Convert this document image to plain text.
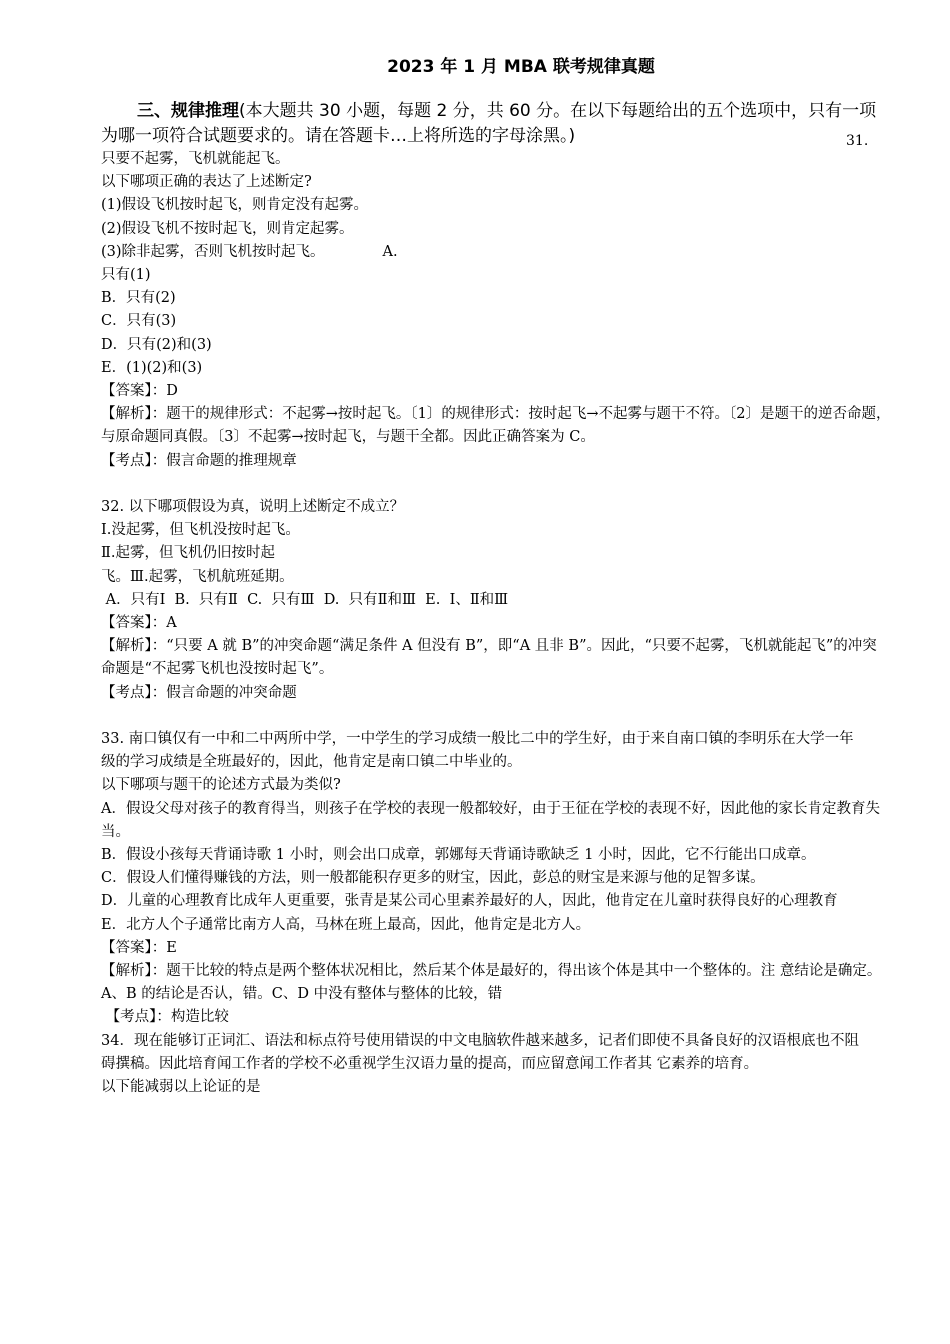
2023 年 1 月 MBA 联考规律真题
三、规律推理(本大题共 30 小题，每题 2 分，共 60 分。在以下每题给出的五个选项中，只有一项为哪一项符合试题要求的。请在答题卡…上将所选的字母涂黑。)	31.
只要不起雾，飞机就能起飞。
以下哪项正确的表达了上述断定?
(1)假设飞机按时起飞，则肯定没有起雾。
(2)假设飞机不按时起飞，则肯定起雾。
(3)除非起雾，否则飞机按时起飞。	A.
只有(1)
B．只有(2)
C．只有(3)
D．只有(2)和(3)
E．(1)(2)和(3)
【答案】：D
【解析】：题干的规律形式：不起雾→按时起飞。〔1〕的规律形式：按时起飞→不起雾与题干不符。〔2〕是题干的逆否命题，与原命题同真假。〔3〕不起雾→按时起飞，与题干全都。因此正确答案为 C。
【考点】：假言命题的推理规章
32. 以下哪项假设为真，说明上述断定不成立？
Ⅰ.没起雾，但飞机没按时起飞。
Ⅱ.起雾，但飞机仍旧按时起
飞。Ⅲ.起雾，飞机航班延期。
A．只有Ⅰ  B.  只有Ⅱ  C.  只有Ⅲ  D.  只有Ⅱ和Ⅲ  E.  Ⅰ、Ⅱ和Ⅲ
【答案】：A
【解析】：“只要 A 就 B”的冲突命题“满足条件 A 但没有 B”，即“A 且非 B”。因此，“只要不起雾，飞机就能起飞”的冲突命题是“不起雾飞机也没按时起飞”。
【考点】：假言命题的冲突命题
33. 南口镇仅有一中和二中两所中学，一中学生的学习成绩一般比二中的学生好，由于来自南口镇的李明乐在大学一年级的学习成绩是全班最好的，因此，他肯定是南口镇二中毕业的。
以下哪项与题干的论述方式最为类似?
A．假设父母对孩子的教育得当，则孩子在学校的表现一般都较好，由于王征在学校的表现不好，因此他的家长肯定教育失当。
B．假设小孩每天背诵诗歌 1 小时，则会出口成章，郭娜每天背诵诗歌缺乏 1 小时，因此，它不行能出口成章。
C．假设人们懂得赚钱的方法，则一般都能积存更多的财宝，因此，彭总的财宝是来源与他的足智多谋。
D．儿童的心理教育比成年人更重要，张青是某公司心里素养最好的人，因此，他肯定在儿童时获得良好的心理教育
E．北方人个子通常比南方人高，马林在班上最高，因此，他肯定是北方人。
【答案】：E
【解析】：题干比较的特点是两个整体状况相比，然后某个体是最好的，得出该个体是其中一个整体的。注 意结论是确定。A、B 的结论是否认，错。C、D 中没有整体与整体的比较，错
【考点】：构造比较
34．现在能够订正词汇、语法和标点符号使用错误的中文电脑软件越来越多，记者们即使不具备良好的汉语根底也不阻碍撰稿。因此培育闻工作者的学校不必重视学生汉语力量的提高，而应留意闻工作者其 它素养的培育。
以下能减弱以上论证的是
